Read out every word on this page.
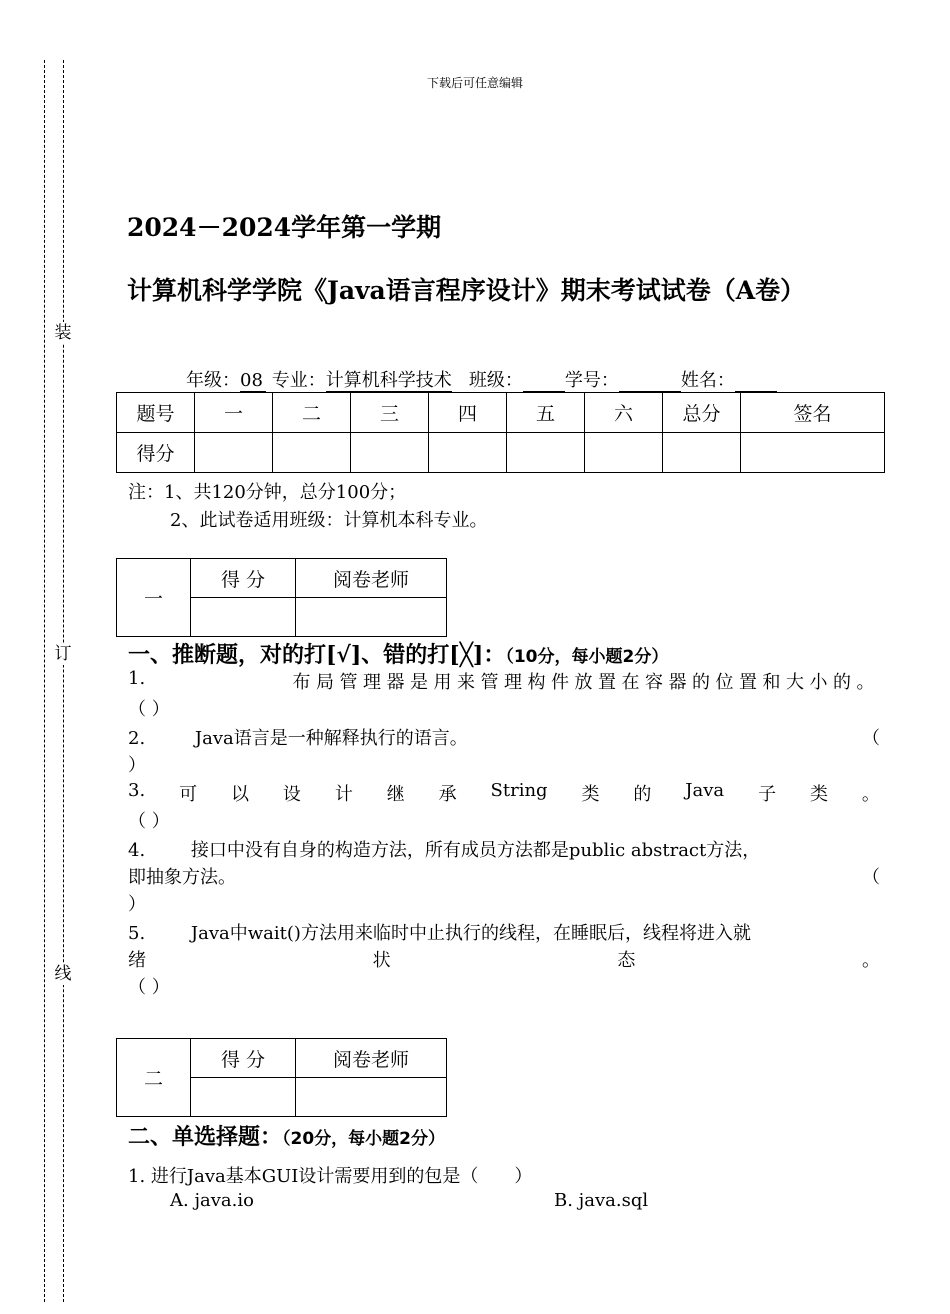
装
订
线
下载后可任意编辑
2024－2024学年第一学期
计算机科学学院《Java语言程序设计》期末考试试卷（A卷）
年级：08 专业：计算机科学技术 班级： 学号：	姓名：
题号	一	二	三	四	五	六	总分	签名
得分								
注：1、共120分钟，总分100分；
2、此试卷适用班级：计算机本科专业。
一	得 分	阅卷老师

一、推断题，对的打[√]、错的打[╳]：（10分，每小题2分）
1.	布局管理器是用来管理构件放置在容器的位置和大小的。
（ ）
2.	Java语言是一种解释执行的语言。	（
）
3. 可 以 设 计 继 承 String 类 的 Java 子 类 。
（ ）
4.	接口中没有自身的构造方法，所有成员方法都是public abstract方法，
即抽象方法。	（
）
5.	Java中wait()方法用来临时中止执行的线程，在睡眠后，线程将进入就
绪	状	态	。
（ ）
二	得 分	阅卷老师

二、单选择题：（20分，每小题2分）
1. 进行Java基本GUI设计需要用到的包是（　　）
A. java.io	B. java.sql
